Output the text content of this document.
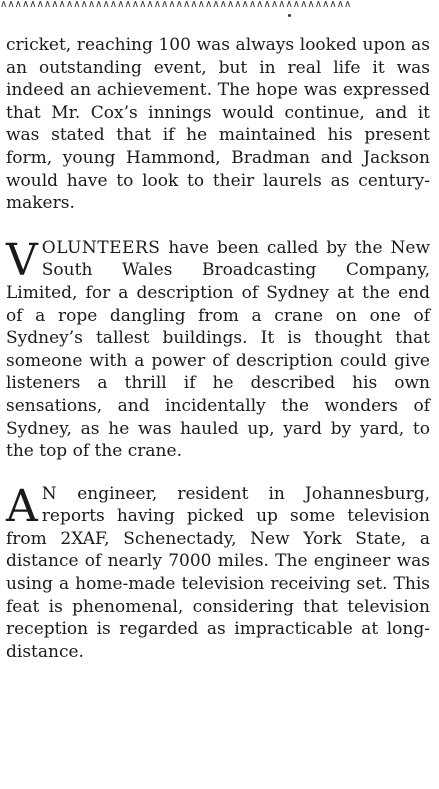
∧∧∧∧∧∧∧∧∧∧∧∧∧∧∧∧∧∧∧∧∧∧∧∧∧∧∧∧∧∧∧∧∧∧∧∧∧∧∧∧∧∧∧∧∧∧∧∧

cricket, reaching 100 was always looked upon as an outstanding event, but in real life it was indeed an achievement. The hope was expressed that Mr. Cox’s innings would continue, and it was stated that if he maintained his present form, young Hammond, Bradman and Jackson would have to look to their laurels as century-makers.

VOLUNTEERS have been called by the New South Wales Broadcasting Company, Limited, for a description of Sydney at the end of a rope dangling from a crane on one of Sydney’s tallest buildings. It is thought that someone with a power of description could give listeners a thrill if he described his own sensations, and incidentally the wonders of Sydney, as he was hauled up, yard by yard, to the top of the crane.

A N engineer, resident in Johannesburg, reports having picked up some television from 2XAF, Schenectady, New York State, a distance of nearly 7000 miles. The engineer was using a home-made television receiving set. This feat is phenomenal, considering that television reception is regarded as impracticable at long-distance.
